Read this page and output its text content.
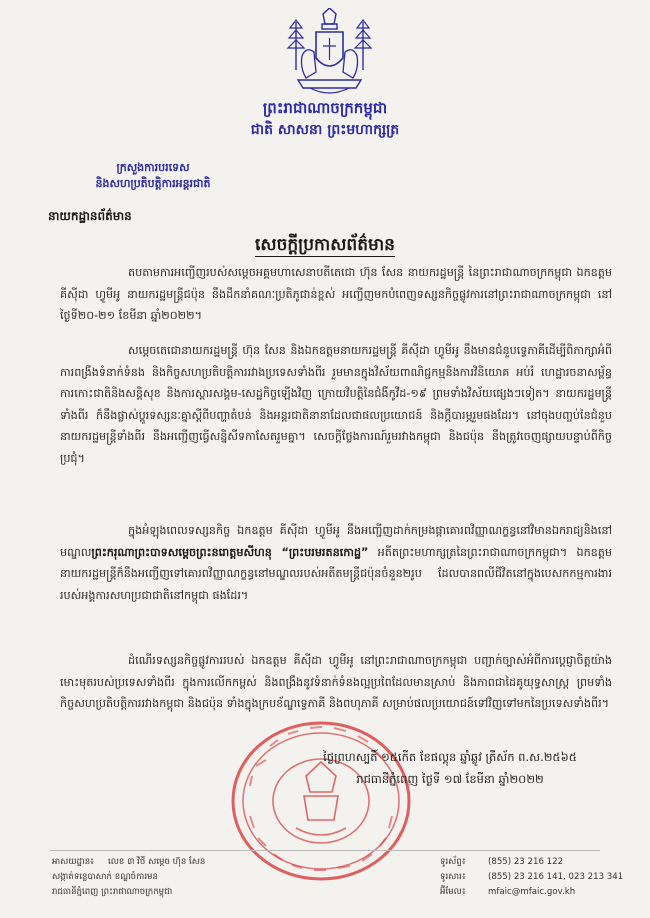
ព្រះរាជាណាចក្រកម្ពុជា
ជាតិ សាសនា ព្រះមហាក្សត្រ
ក្រសួងការបរទេស
និងសហប្រតិបត្តិការអន្តរជាតិ
នាយកដ្ឋានព័ត៌មាន
សេចក្តីប្រកាសព័ត៌មាន
តបតាមការអញ្ជើញរបស់សម្តេចអគ្គមហាសេនាបតីតេជោ ហ៊ុន សែន នាយករដ្ឋមន្ត្រី នៃព្រះរាជាណាចក្រកម្ពុជា ឯកឧត្តម គីស៊ីដា ហ្វូមីអូ នាយករដ្ឋមន្ត្រីជប៉ុន នឹងដឹកនាំគណៈប្រតិភូជាន់ខ្ពស់ អញ្ជើញមកបំពេញទស្សនកិច្ចផ្លូវការនៅព្រះរាជាណាចក្រកម្ពុជា នៅថ្ងៃទី២០-២១ ខែមីនា ឆ្នាំ២០២២។
សម្តេចតេជោនាយករដ្ឋមន្ត្រី ហ៊ុន សែន និងឯកឧត្តមនាយករដ្ឋមន្ត្រី គីស៊ីដា ហ្វូមីអូ នឹងមានជំនួបទ្វេភាគីដើម្បីពិភាក្សាអំពីការពង្រឹងទំនាក់ទំនង និងកិច្ចសហប្រតិបត្តិការរវាងប្រទេសទាំងពីរ រួមមានក្នុងវិស័យពាណិជ្ជកម្មនិងការវិនិយោគ អប់រំ ហេដ្ឋារចនាសម្ព័ន្ធ ការកោះជាតិនិងសន្តិសុខ និងការស្តារសង្គម-សេដ្ឋកិច្ចឡើងវិញ ក្រោយវិបត្តិនៃជំងឺកូវីដ-១៩ ព្រមទាំងវិស័យផ្សេងៗទៀត។ នាយករដ្ឋមន្ត្រីទាំងពីរ ក៏នឹងផ្លាស់ប្តូរទស្សនៈគ្នាស្តីពីបញ្ហាតំបន់ និងអន្តរជាតិនានាដែលជាផលប្រយោជន៍ និងក្តីបារម្ភរួមផងដែរ។ នៅចុងបញ្ចប់នៃជំនួប នាយករដ្ឋមន្ត្រីទាំងពីរ នឹងអញ្ជើញធ្វើសន្និសីទកាសែតរួមគ្នា។ សេចក្តីថ្លែងការណ៍រួមរវាងកម្ពុជា និងជប៉ុន នឹងត្រូវចេញផ្សាយបន្ទាប់ពីកិច្ចប្រជុំ។
ក្នុងអំឡុងពេលទស្សនកិច្ច ឯកឧត្តម គីស៊ីដា ហ្វូមីអូ នឹងអញ្ជើញដាក់កម្រងផ្កាគោរពវិញ្ញាណក្ខន្ធនៅវិមានឯករាជ្យនិងនៅមណ្ឌលព្រះករុណាព្រះបាទសម្តេចព្រះនរោត្តមសីហនុ “ព្រះបរមរតនកោដ្ឋ” អតីតព្រះមហាក្សត្រនៃព្រះរាជាណាចក្រកម្ពុជា។ ឯកឧត្តមនាយករដ្ឋមន្ត្រីក៏នឹងអញ្ជើញទៅគោរពវិញ្ញាណក្ខន្ធនៅមណ្ឌលរបស់អតីតមន្ត្រីជប៉ុនចំនួន២រូប ដែលបានពលីជីវិតនៅក្នុងបេសកកម្មការងាររបស់អង្គការសហប្រជាជាតិនៅកម្ពុជា ផងដែរ។
ដំណើរទស្សនកិច្ចផ្លូវការរបស់ ឯកឧត្តម គីស៊ីដា ហ្វូមីអូ នៅព្រះរាជាណាចក្រកម្ពុជា បញ្ជាក់ច្បាស់អំពីការប្តេជ្ញាចិត្តយ៉ាងមោះមុតរបស់ប្រទេសទាំងពីរ ក្នុងការលើកកម្ពស់ និងពង្រឹងនូវទំនាក់ទំនងល្អប្រពៃដែលមានស្រាប់ និងភាពជាដៃគូយុទ្ធសាស្ត្រ ព្រមទាំងកិច្ចសហប្រតិបត្តិការរវាងកម្ពុជា និងជប៉ុន ទាំងក្នុងក្របខ័ណ្ឌទ្វេភាគី និងពហុភាគី សម្រាប់ផលប្រយោជន៍ទៅវិញទៅមកនៃប្រទេសទាំងពីរ។
ថ្ងៃព្រហស្បតិ៍ ១៥កើត ខែផល្គុន ឆ្នាំឆ្លូវ ត្រីស័ក ព.ស.២៥៦៥
រាជធានីភ្នំពេញ ថ្ងៃទី ១៧ ខែមីនា ឆ្នាំ២០២២
អាសយដ្ឋាន៖ លេខ ៣ វិថី សម្តេច ហ៊ុន សែន
សង្កាត់ទន្លេបាសាក់ ខណ្ឌចំការមន
រាជធានីភ្នំពេញ ព្រះរាជាណាចក្រកម្ពុជា
ទូរស័ព្ទ៖	(855) 23 216 122
ទូរសារ៖	(855) 23 216 141, 023 213 341
អ៊ីមែល៖	mfaic@mfaic.gov.kh
